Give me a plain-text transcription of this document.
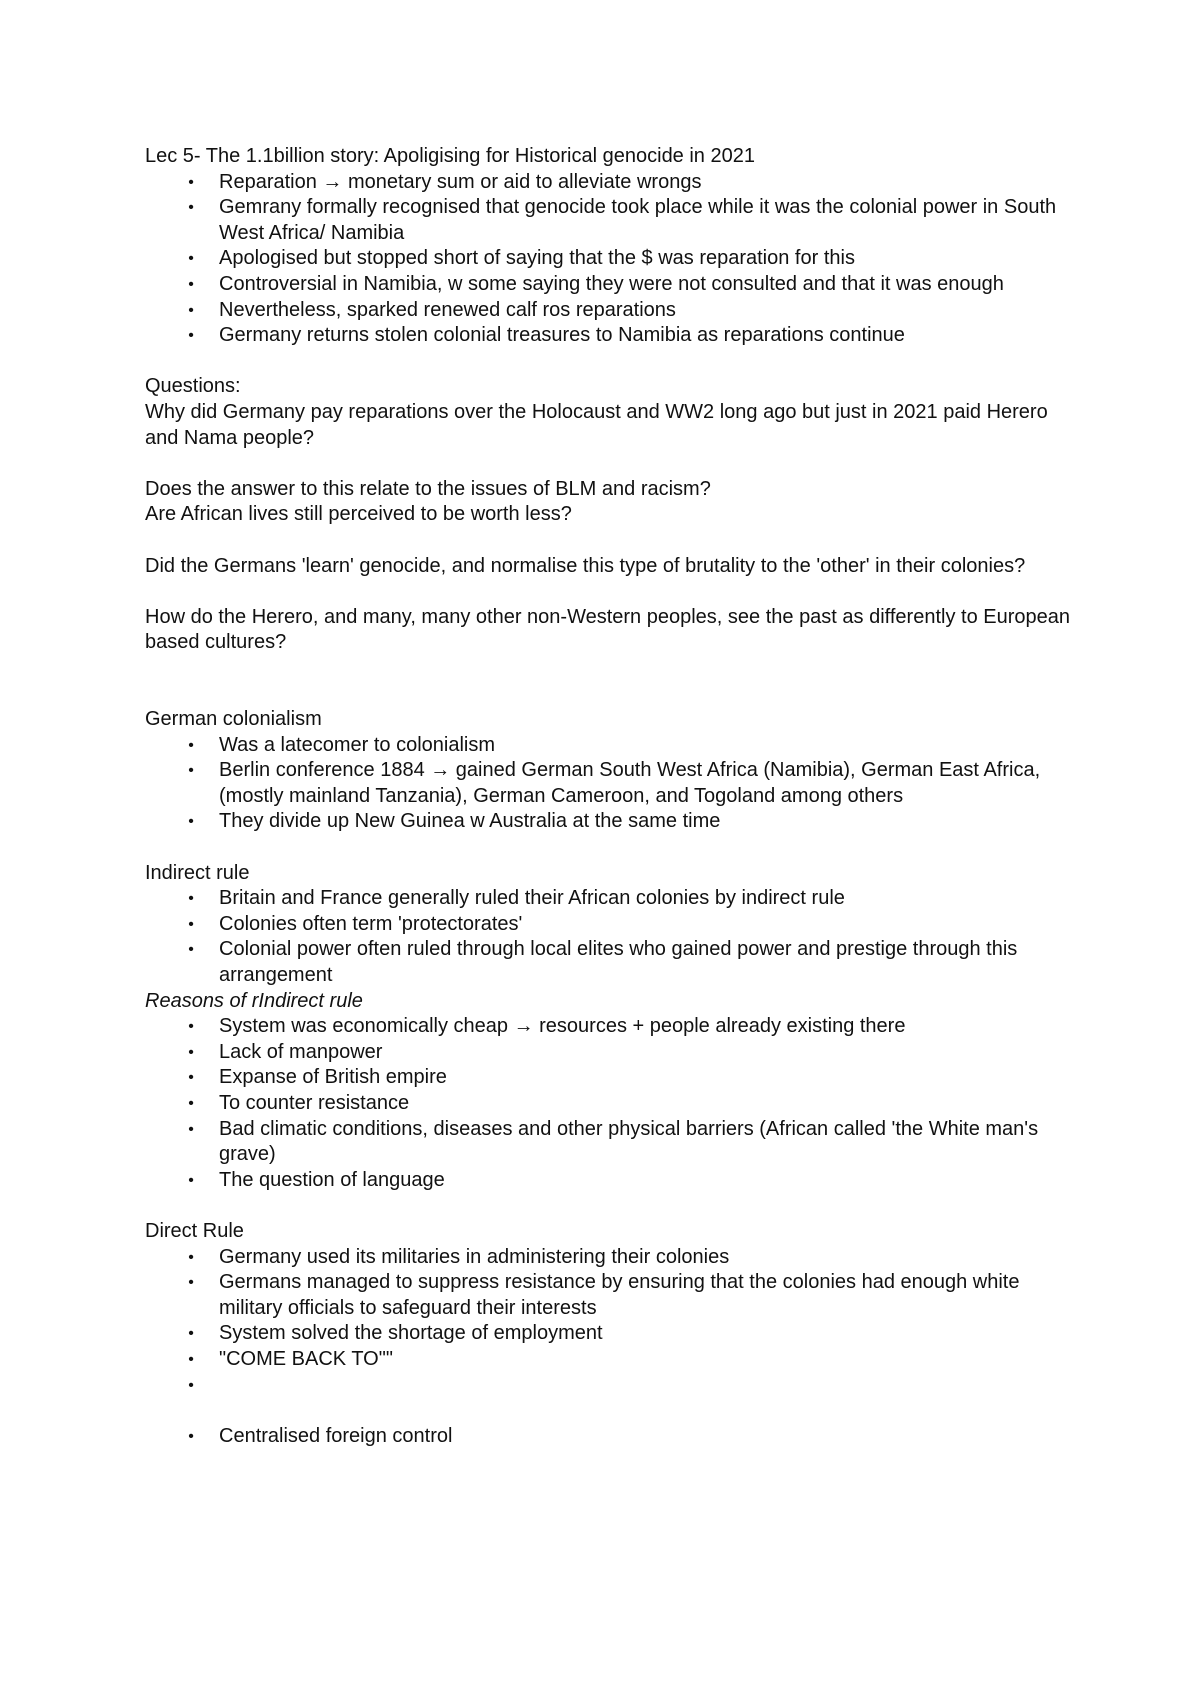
Lec 5- The 1.1billion story: Apoligising for Historical genocide in 2021

• Reparation → monetary sum or aid to alleviate wrongs
• Gemrany formally recognised that genocide took place while it was the colonial power in South West Africa/ Namibia
• Apologised but stopped short of saying that the $ was reparation for this
• Controversial in Namibia, w some saying they were not consulted and that it was enough
• Nevertheless, sparked renewed calf ros reparations
• Germany returns stolen colonial treasures to Namibia as reparations continue

Questions:

Why did Germany pay reparations over the Holocaust and WW2 long ago but just in 2021 paid Herero and Nama people?

Does the answer to this relate to the issues of BLM and racism?

Are African lives still perceived to be worth less?

Did the Germans 'learn' genocide, and normalise this type of brutality to the 'other' in their colonies?

How do the Herero, and many, many other non-Western peoples, see the past as differently to European based cultures?

German colonialism

• Was a latecomer to colonialism
• Berlin conference 1884 → gained German South West Africa (Namibia), German East Africa, (mostly mainland Tanzania), German Cameroon, and Togoland among others
• They divide up New Guinea w Australia at the same time

Indirect rule

• Britain and France generally ruled their African colonies by indirect rule
• Colonies often term 'protectorates'
• Colonial power often ruled through local elites who gained power and prestige through this arrangement

Reasons of rIndirect rule

• System was economically cheap → resources + people already existing there
• Lack of manpower
• Expanse of British empire
• To counter resistance
• Bad climatic conditions, diseases and other physical barriers (African called 'the White man's grave)
• The question of language

Direct Rule

• Germany used its militaries in administering their colonies
• Germans managed to suppress resistance by ensuring that the colonies had enough white military officials to safeguard their interests
• System solved the shortage of employment
• "COME BACK TO""
•

• Centralised foreign control
